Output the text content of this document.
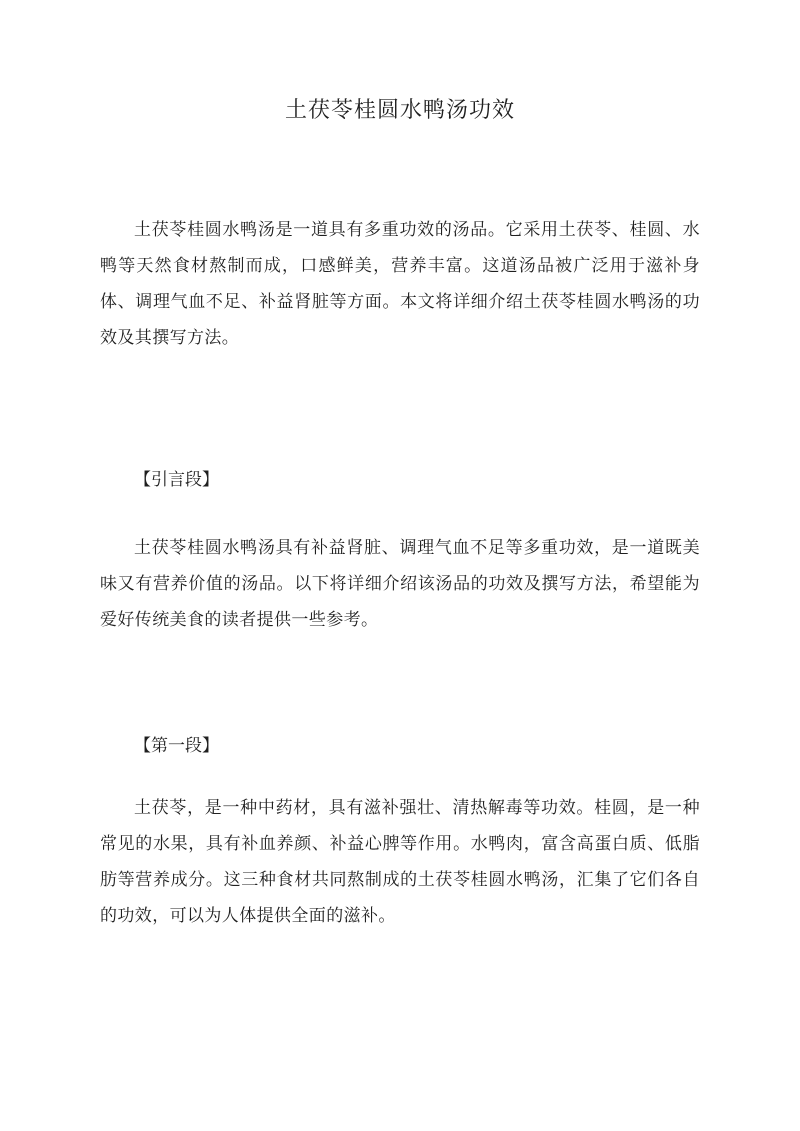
土茯苓桂圆水鸭汤功效

土茯苓桂圆水鸭汤是一道具有多重功效的汤品。它采用土茯苓、桂圆、水鸭等天然食材熬制而成，口感鲜美，营养丰富。这道汤品被广泛用于滋补身体、调理气血不足、补益肾脏等方面。本文将详细介绍土茯苓桂圆水鸭汤的功效及其撰写方法。

【引言段】

土茯苓桂圆水鸭汤具有补益肾脏、调理气血不足等多重功效，是一道既美味又有营养价值的汤品。以下将详细介绍该汤品的功效及撰写方法，希望能为爱好传统美食的读者提供一些参考。

【第一段】

土茯苓，是一种中药材，具有滋补强壮、清热解毒等功效。桂圆，是一种常见的水果，具有补血养颜、补益心脾等作用。水鸭肉，富含高蛋白质、低脂肪等营养成分。这三种食材共同熬制成的土茯苓桂圆水鸭汤，汇集了它们各自的功效，可以为人体提供全面的滋补。
